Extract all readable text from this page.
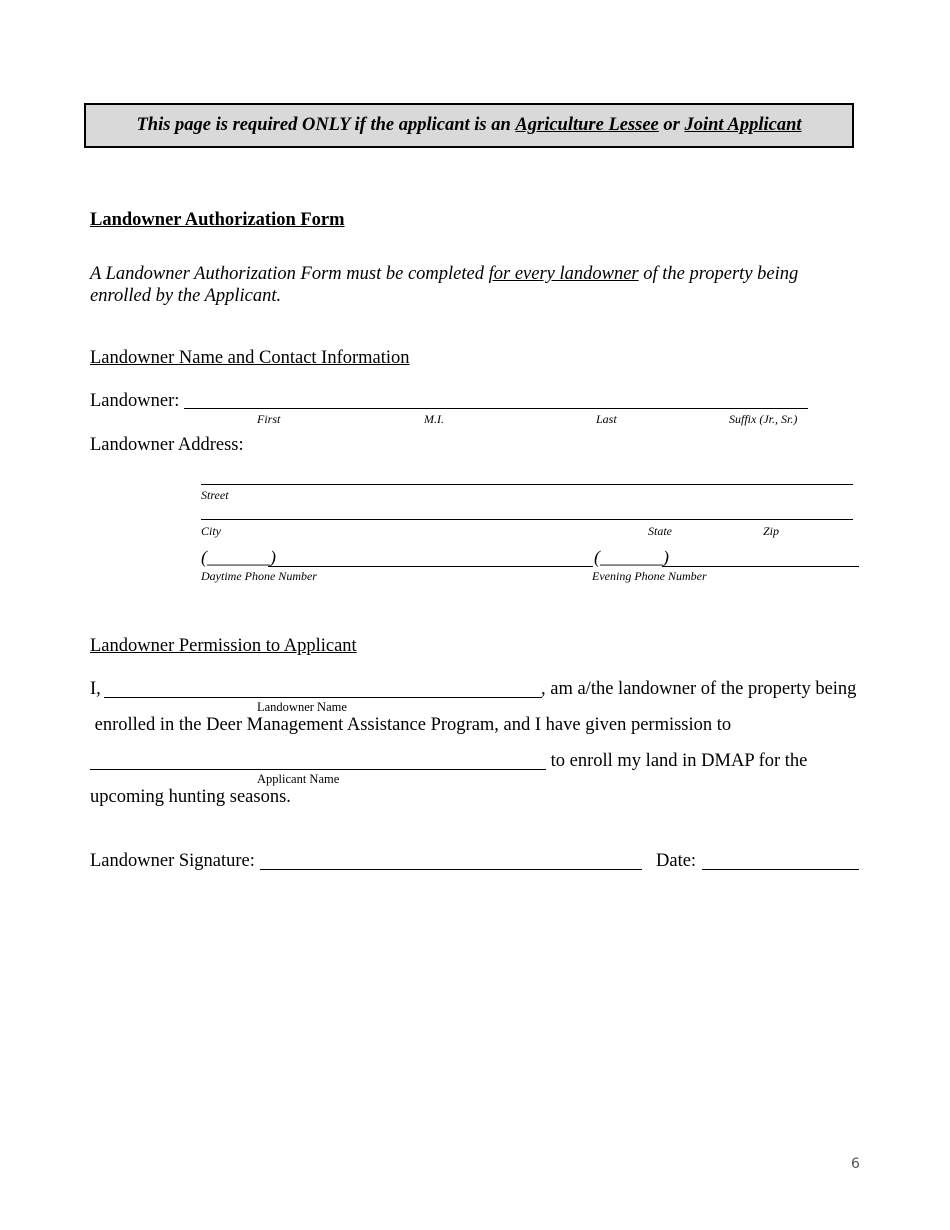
This page is required ONLY if the applicant is an Agriculture Lessee or Joint Applicant
Landowner Authorization Form
A Landowner Authorization Form must be completed for every landowner of the property being enrolled by the Applicant.
Landowner Name and Contact Information
Landowner:
First	M.I.	Last	Suffix (Jr., Sr.)
Landowner Address:
Street
City	State	Zip
(_______)	(_______)
Daytime Phone Number	Evening Phone Number
Landowner Permission to Applicant
I,	, am a/the landowner of the property being
Landowner Name
enrolled in the Deer Management Assistance Program, and I have given permission to
to enroll my land in DMAP for the
Applicant Name
upcoming hunting seasons.
Landowner Signature:	Date:
6
